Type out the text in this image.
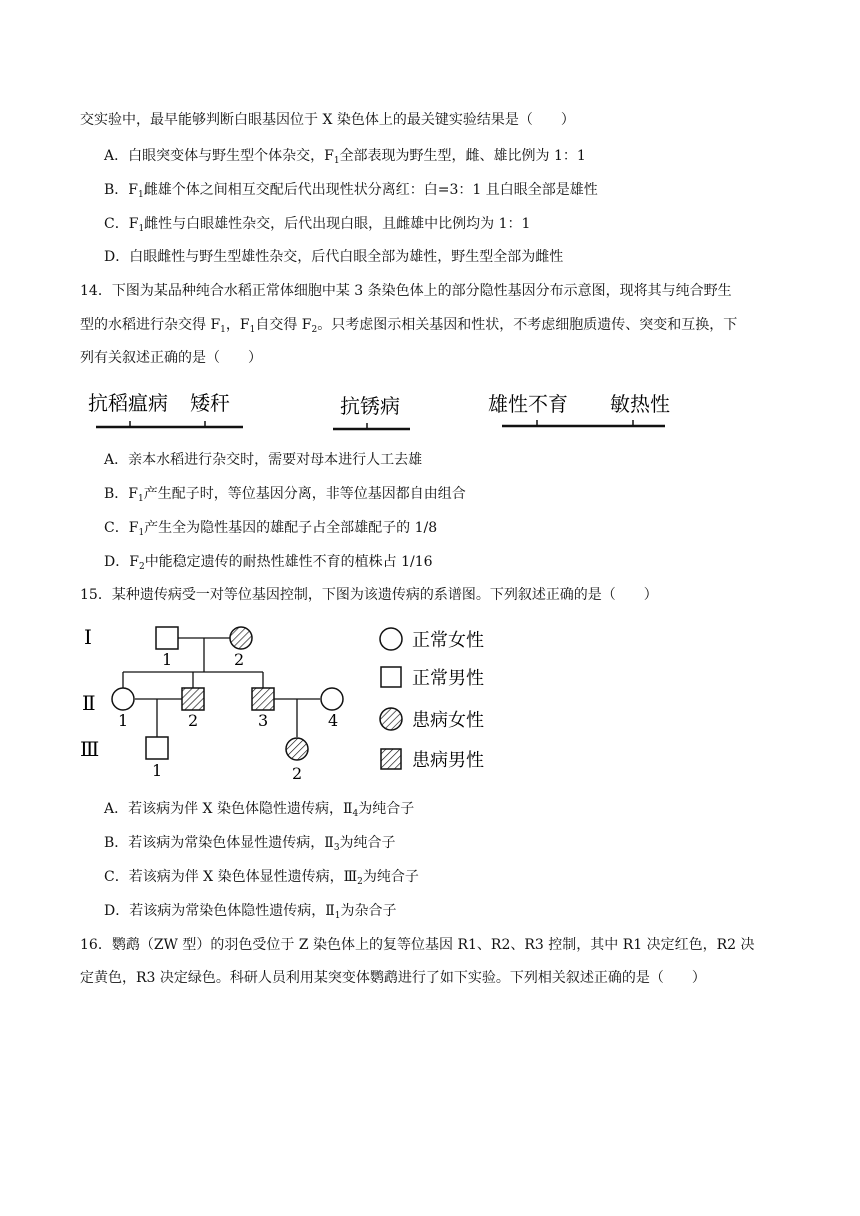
交实验中，最早能够判断白眼基因位于 X 染色体上的最关键实验结果是（　　）
A．白眼突变体与野生型个体杂交，$F_1$全部表现为野生型，雌、雄比例为 1：1
B．$F_1$雌雄个体之间相互交配后代出现性状分离红：白=3：1 且白眼全部是雄性
C．$F_1$雌性与白眼雄性杂交，后代出现白眼，且雌雄中比例均为 1：1
D．白眼雌性与野生型雄性杂交，后代白眼全部为雄性，野生型全部为雌性
14．下图为某品种纯合水稻正常体细胞中某 3 条染色体上的部分隐性基因分布示意图，现将其与纯合野生
型的水稻进行杂交得 $F_1$，$F_1$自交得 $F_2$。只考虑图示相关基因和性状，不考虑细胞质遗传、突变和互换，下
列有关叙述正确的是（　　）
抗稻瘟病 矮秆	抗锈病	雄性不育 敏热性
A．亲本水稻进行杂交时，需要对母本进行人工去雄
B．$F_1$产生配子时，等位基因分离，非等位基因都自由组合
C．$F_1$产生全为隐性基因的雄配子占全部雄配子的 1/8
D．$F_2$中能稳定遗传的耐热性雄性不育的植株占 1/16
15．某种遗传病受一对等位基因控制，下图为该遗传病的系谱图。下列叙述正确的是（　　）
Ⅰ
Ⅱ
Ⅲ
1	2
1	2	3	4
1	2
正常女性
正常男性
患病女性
患病男性
A．若该病为伴 X 染色体隐性遗传病，$Ⅱ_4$为纯合子
B．若该病为常染色体显性遗传病，$Ⅱ_3$为纯合子
C．若该病为伴 X 染色体显性遗传病，$Ⅲ_2$为纯合子
D．若该病为常染色体隐性遗传病，$Ⅱ_1$为杂合子
16．鹦鹉（ZW 型）的羽色受位于 Z 染色体上的复等位基因 R1、R2、R3 控制，其中 R1 决定红色，R2 决
定黄色，R3 决定绿色。科研人员利用某突变体鹦鹉进行了如下实验。下列相关叙述正确的是（　　）
